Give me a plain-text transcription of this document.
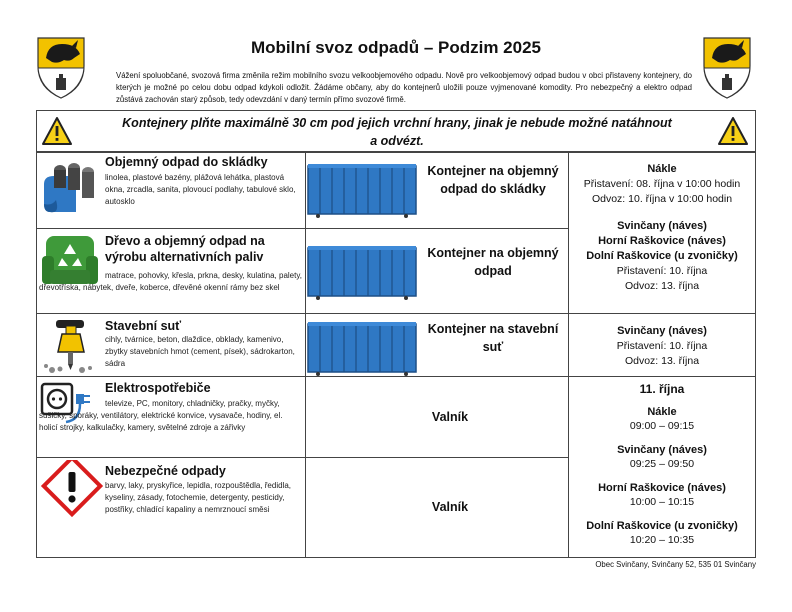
Mobilní svoz odpadů – Podzim 2025
Vážení spoluobčané, svozová firma změnila režim mobilního svozu velkoobjemového odpadu. Nově pro velkoobjemový odpad budou v obci přistaveny kontejnery, do kterých je možné po celou dobu odpad kdykoli odložit. Žádáme občany, aby do kontejnerů uložili pouze vyjmenované komodity. Pro nebezpečný a elektro odpad zůstává zachován starý způsob, tedy odevzdání v daný termín přímo svozové firmě.
Kontejnery plňte maximálně 30 cm pod jejich vrchní hrany, jinak je nebude možné natáhnout
a odvézt.
Objemný odpad do skládky
linolea, plastové bazény, plážová lehátka, plastová okna, zrcadla, sanita, plovoucí podlahy, tabulové sklo, autosklo
Kontejner na objemný odpad do skládky
Nákle
Přistavení: 08. října v 10:00 hodin
Odvoz: 10. října v 10:00 hodin
Dřevo a objemný odpad na výrobu alternativních paliv
matrace, pohovky, křesla, prkna, desky, kulatina, palety, dřevotříska, nábytek, dveře, koberce, dřevěné okenní rámy bez skel
Kontejner na objemný odpad
Svinčany (náves)
Horní Raškovice (náves)
Dolní Raškovice (u zvoničky)
Přistavení: 10. října
Odvoz: 13. října
Stavební suť
cihly, tvárnice, beton, dlaždice, obklady, kamenivo, zbytky stavebních hmot (cement, písek), sádrokarton, sádra
Kontejner na stavební suť
Svinčany (náves)
Přistavení: 10. října
Odvoz: 13. října
Elektrospotřebiče
televize, PC, monitory, chladničky, pračky, myčky, sušičky, sporáky, ventilátory, elektrické konvice, vysavače, hodiny, el. holicí strojky, kalkulačky, kamery, světelné zdroje a zářivky
Valník
Nebezpečné odpady
barvy, laky, pryskyřice, lepidla, rozpouštědla, ředidla, kyseliny, zásady, fotochemie, detergenty, pesticidy, postřiky, chladící kapaliny a nemrznoucí směsi	Valník
11. října
Nákle
09:00 – 09:15
Svinčany (náves)
09:25 – 09:50
Horní Raškovice (náves)
10:00 – 10:15
Dolní Raškovice (u zvoničky)
10:20 – 10:35
Obec Svinčany, Svinčany 52, 535 01 Svinčany
